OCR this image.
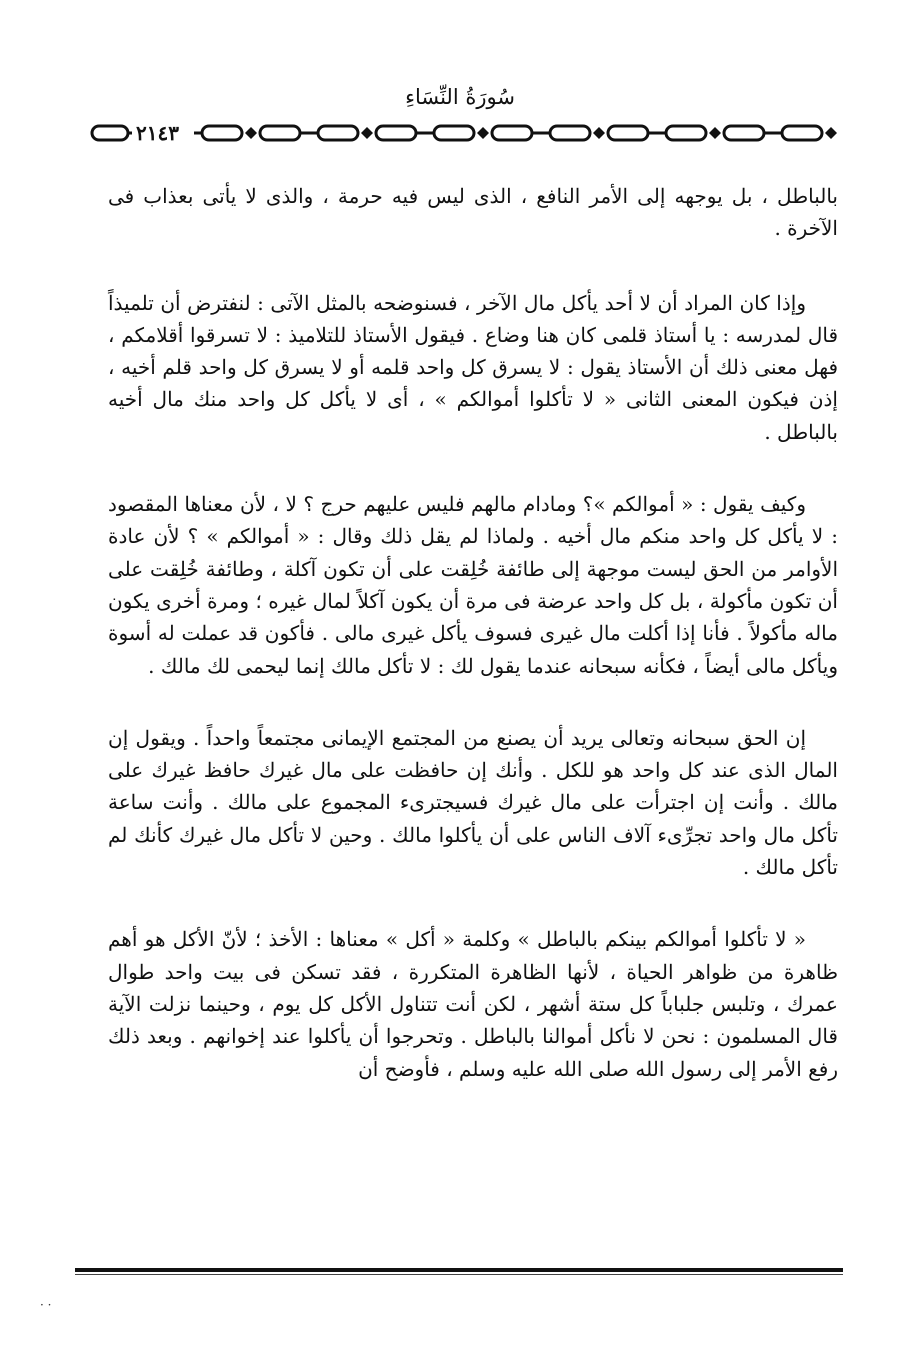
سُورَةُ النِّسَاءِ
٢١٤٣

بالباطل ، بل يوجهه إلى الأمر النافع ، الذى ليس فيه حرمة ، والذى لا يأتى بعذاب فى الآخرة .

وإذا كان المراد أن لا أحد يأكل مال الآخر ، فسنوضحه بالمثل الآتى : لنفترض أن تلميذاً قال لمدرسه : يا أستاذ قلمى كان هنا وضاع . فيقول الأستاذ للتلاميذ : لا تسرقوا أقلامكم ، فهل معنى ذلك أن الأستاذ يقول : لا يسرق كل واحد قلمه أو لا يسرق كل واحد قلم أخيه ، إذن فيكون المعنى الثانى « لا تأكلوا أموالكم » ، أى لا يأكل كل واحد منك مال أخيه بالباطل .

وكيف يقول : « أموالكم »؟ ومادام مالهم فليس عليهم حرج ؟ لا ، لأن معناها المقصود : لا يأكل كل واحد منكم مال أخيه . ولماذا لم يقل ذلك وقال : « أموالكم » ؟ لأن عادة الأوامر من الحق ليست موجهة إلى طائفة خُلِقت على أن تكون آكلة ، وطائفة خُلِقت على أن تكون مأكولة ، بل كل واحد عرضة فى مرة أن يكون آكلاً لمال غيره ؛ ومرة أخرى يكون ماله مأكولاً . فأنا إذا أكلت مال غيرى فسوف يأكل غيرى مالى . فأكون قد عملت له أسوة ويأكل مالى أيضاً ، فكأنه سبحانه عندما يقول لك : لا تأكل مالك إنما ليحمى لك مالك .

إن الحق سبحانه وتعالى يريد أن يصنع من المجتمع الإيمانى مجتمعاً واحداً . ويقول إن المال الذى عند كل واحد هو للكل . وأنك إن حافظت على مال غيرك حافظ غيرك على مالك . وأنت إن اجترأت على مال غيرك فسيجترىء المجموع على مالك . وأنت ساعة تأكل مال واحد تجرِّىء آلاف الناس على أن يأكلوا مالك . وحين لا تأكل مال غيرك كأنك لم تأكل مالك .

« لا تأكلوا أموالكم بينكم بالباطل » وكلمة « أكل » معناها : الأخذ ؛ لأنّ الأكل هو أهم ظاهرة من ظواهر الحياة ، لأنها الظاهرة المتكررة ، فقد تسكن فى بيت واحد طوال عمرك ، وتلبس جلباباً كل ستة أشهر ، لكن أنت تتناول الأكل كل يوم ، وحينما نزلت الآية قال المسلمون : نحن لا نأكل أموالنا بالباطل . وتحرجوا أن يأكلوا عند إخوانهم . وبعد ذلك رفع الأمر إلى رسول الله صلى الله عليه وسلم ، فأوضح أن

· ·
